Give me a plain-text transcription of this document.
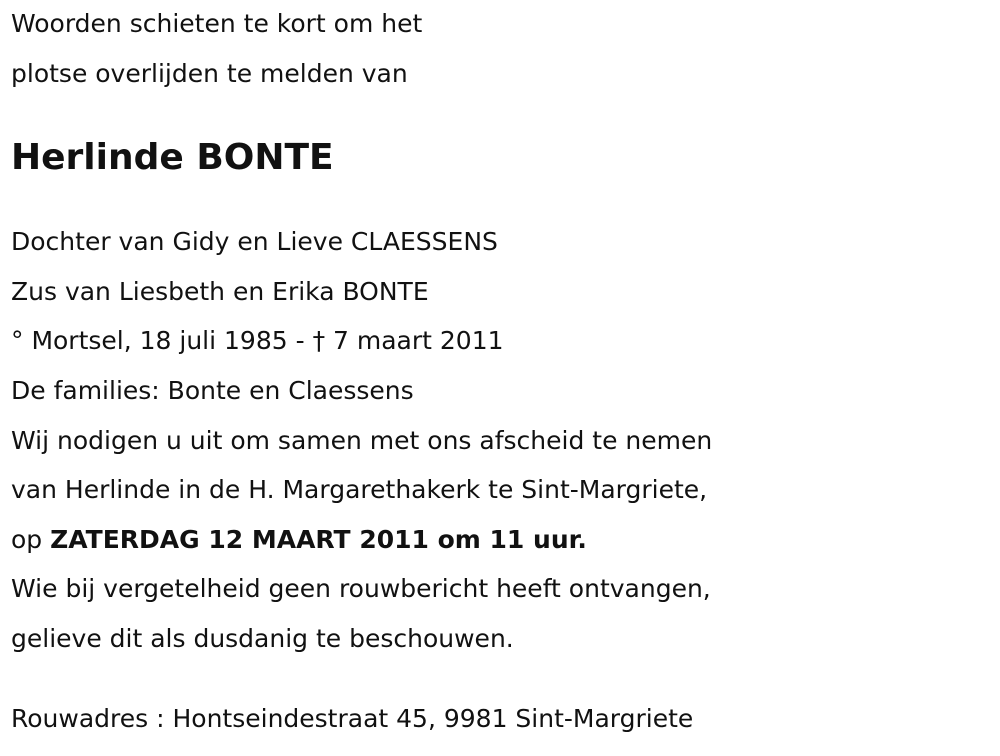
Woorden schieten te kort om het

plotse overlijden te melden van

Herlinde BONTE

Dochter van Gidy en Lieve CLAESSENS

Zus van Liesbeth en Erika BONTE

° Mortsel, 18 juli 1985 - † 7 maart 2011

De families: Bonte en Claessens

Wij nodigen u uit om samen met ons afscheid te nemen

van Herlinde in de H. Margarethakerk te Sint-Margriete,

op ZATERDAG 12 MAART 2011 om 11 uur.

Wie bij vergetelheid geen rouwbericht heeft ontvangen,

gelieve dit als dusdanig te beschouwen.

Rouwadres : Hontseindestraat 45, 9981 Sint-Margriete
